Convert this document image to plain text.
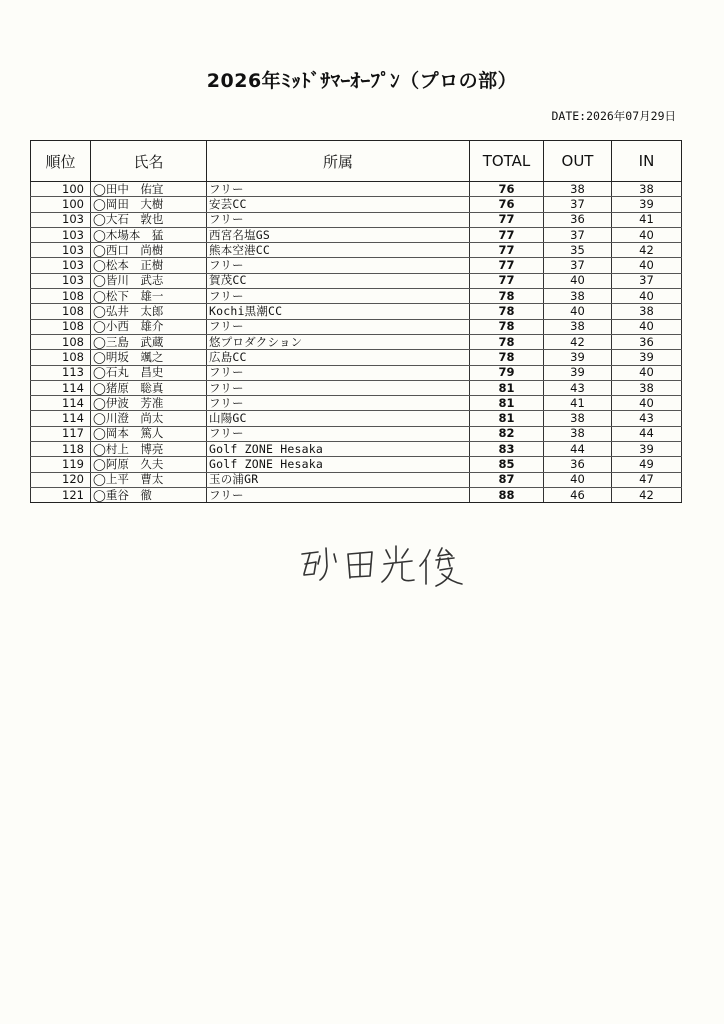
2026年ﾐｯﾄﾞｻﾏｰｵｰﾌﾟﾝ（プロの部）
DATE:2026年07月29日
順位	氏名	所属	TOTAL	OUT	IN
100	◯田中　佑宜	フリー	76	38	38
100	◯岡田　大樹	安芸CC	76	37	39
103	◯大石　敦也	フリー	77	36	41
103	◯木場本　猛	西宮名塩GS	77	37	40
103	◯西口　尚樹	熊本空港CC	77	35	42
103	◯松本　正樹	フリー	77	37	40
103	◯皆川　武志	賀茂CC	77	40	37
108	◯松下　雄一	フリー	78	38	40
108	◯弘井　太郎	Kochi黒潮CC	78	40	38
108	◯小西　雄介	フリー	78	38	40
108	◯三島　武蔵	悠プロダクション	78	42	36
108	◯明坂　颯之	広島CC	78	39	39
113	◯石丸　昌史	フリー	79	39	40
114	◯猪原　聡真	フリー	81	43	38
114	◯伊波　芳准	フリー	81	41	40
114	◯川澄　尚太	山陽GC	81	38	43
117	◯岡本　篤人	フリー	82	38	44
118	◯村上　博亮	Golf ZONE Hesaka	83	44	39
119	◯阿原　久夫	Golf ZONE Hesaka	85	36	49
120	◯上平　曹太	玉の浦GR	87	40	47
121	◯重谷　徹	フリー	88	46	42
